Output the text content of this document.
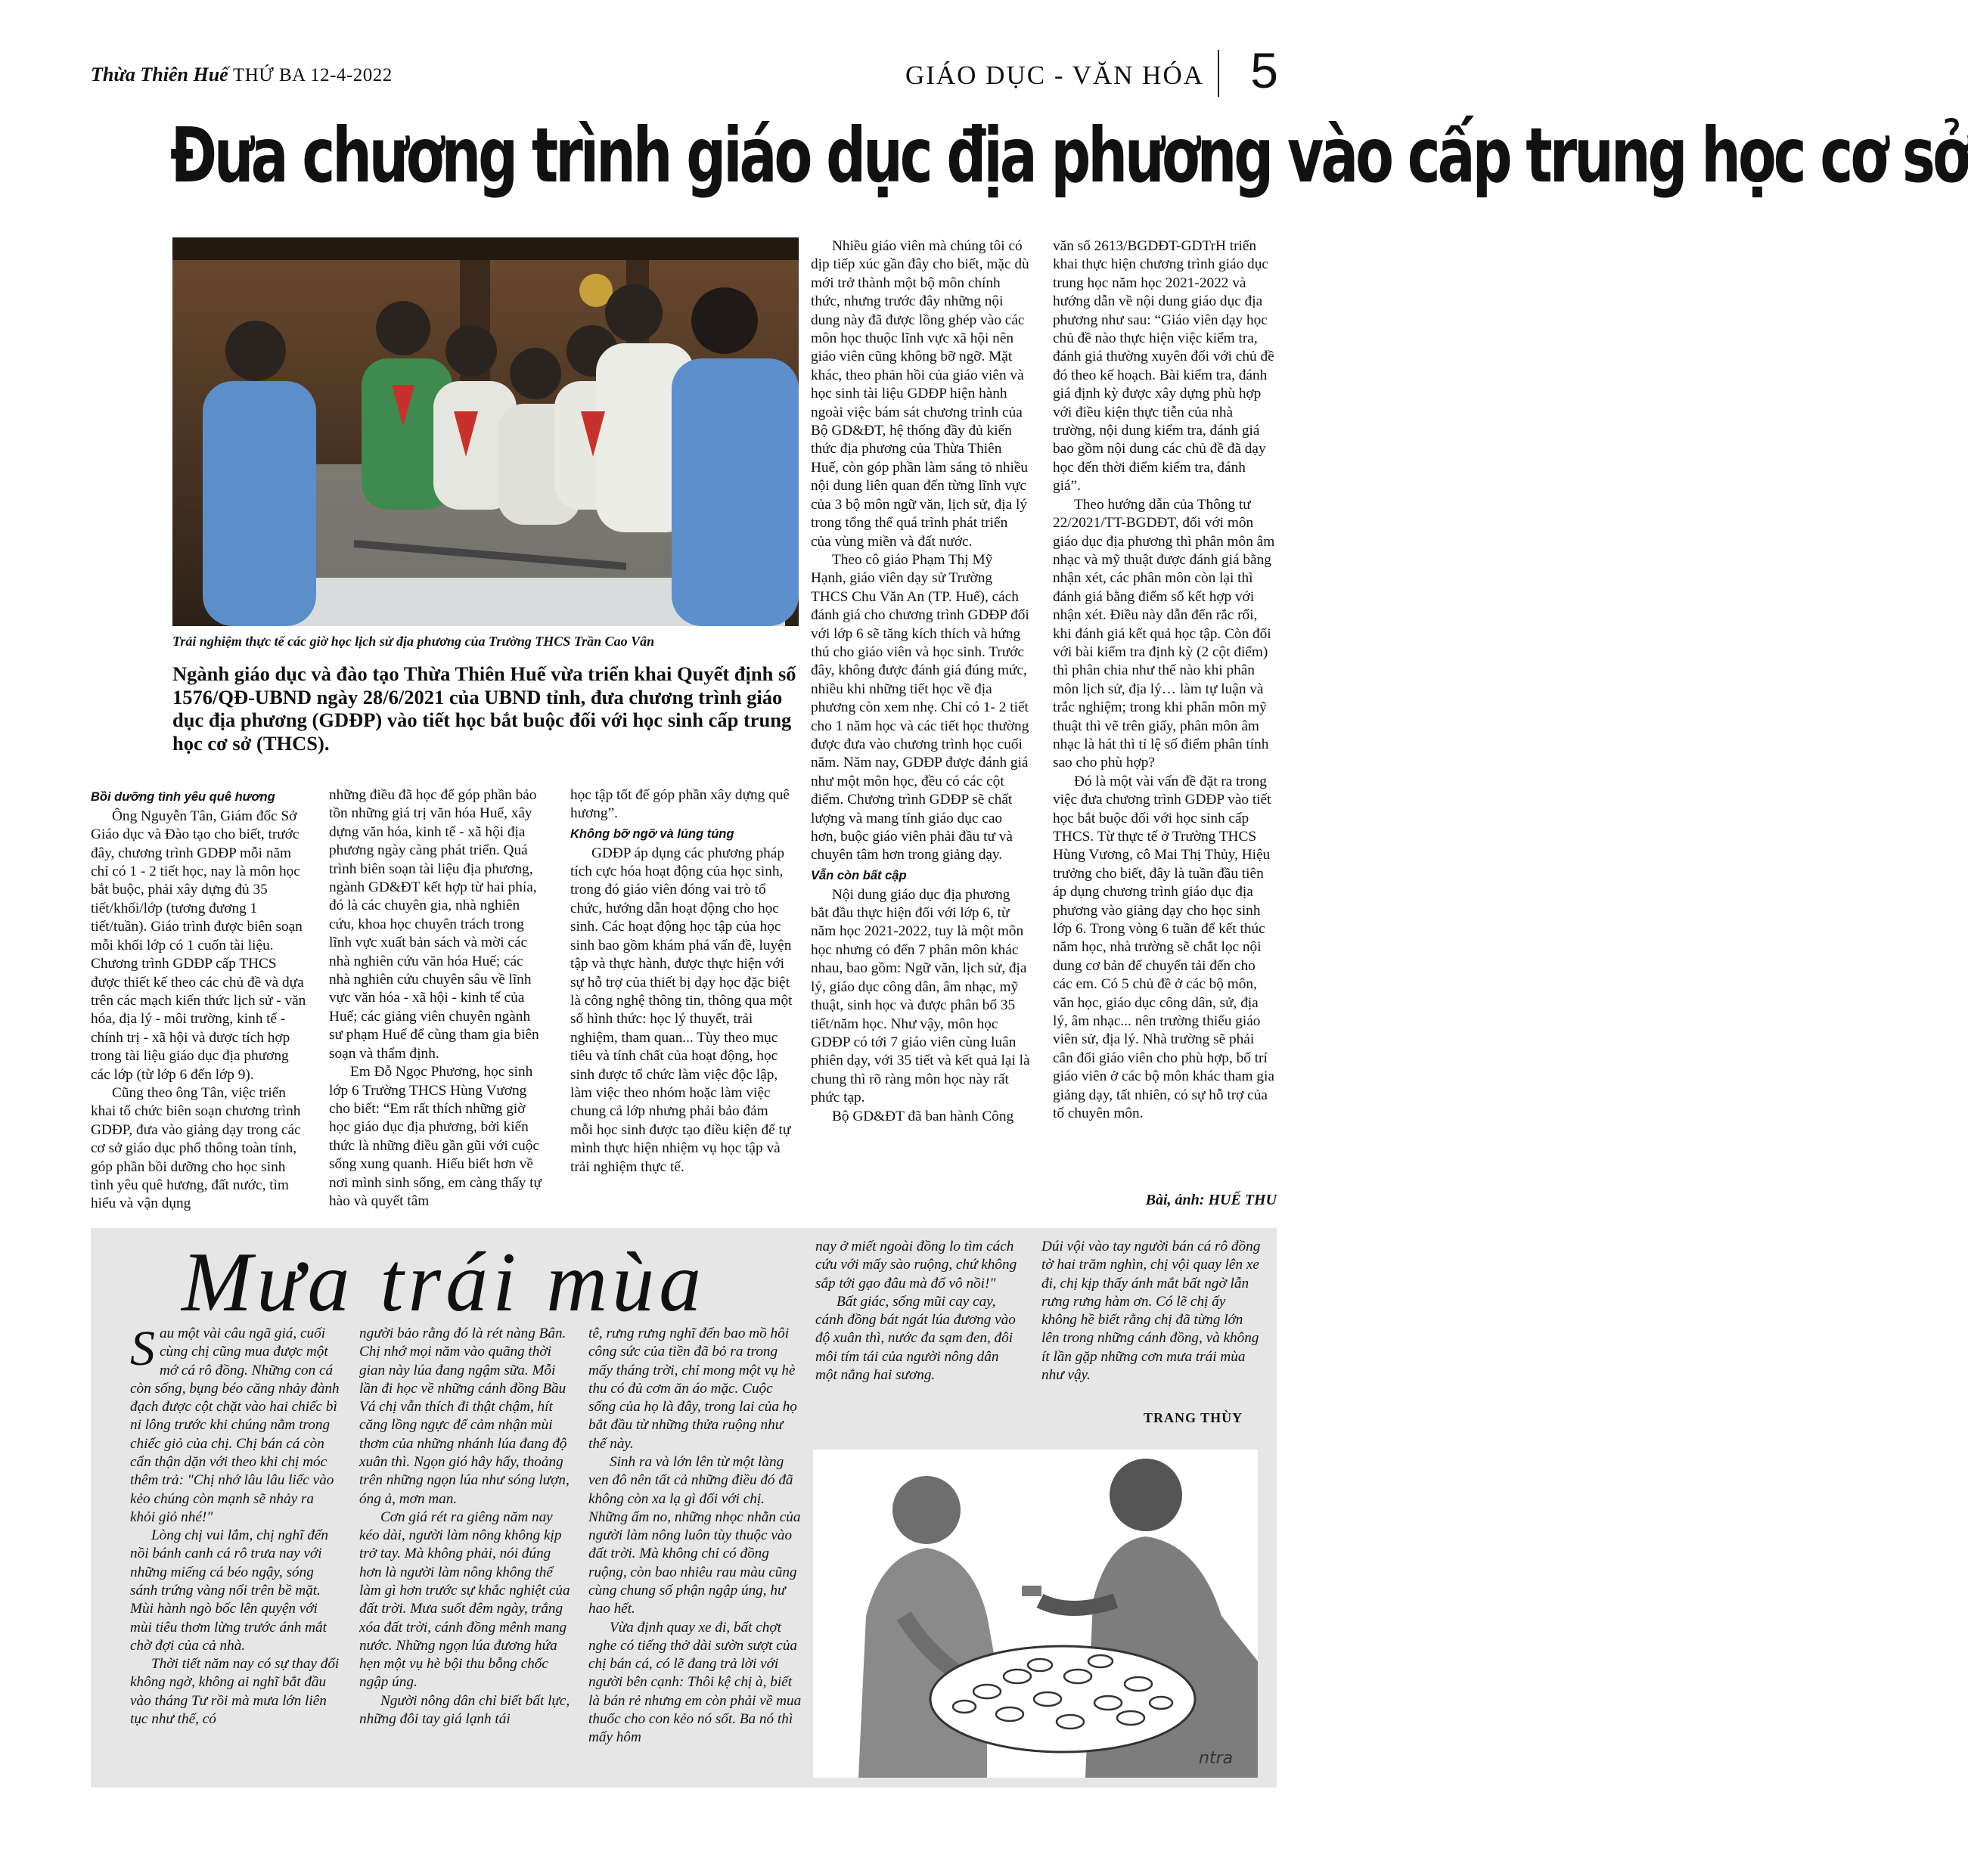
Thừa Thiên Huế THỨ BA 12-4-2022	GIÁO DỤC - VĂN HÓA 5
Đưa chương trình giáo dục địa phương vào cấp trung học cơ sở
Trải nghiệm thực tế các giờ học lịch sử địa phương của Trường THCS Trần Cao Vân

Ngành giáo dục và đào tạo Thừa Thiên Huế vừa triển khai Quyết định số 1576/QĐ-UBND ngày 28/6/2021 của UBND tỉnh, đưa chương trình giáo dục địa phương (GDĐP) vào tiết học bắt buộc đối với học sinh cấp trung học cơ sở (THCS).

Bồi dưỡng tình yêu quê hương

Ông Nguyễn Tân, Giám đốc Sở Giáo dục và Đào tạo cho biết, trước đây, chương trình GDĐP mỗi năm chỉ có 1 - 2 tiết học, nay là môn học bắt buộc, phải xây dựng đủ 35 tiết/khối/lớp (tương đương 1 tiết/tuần). Giáo trình được biên soạn mỗi khối lớp có 1 cuốn tài liệu. Chương trình GDĐP cấp THCS được thiết kế theo các chủ đề và dựa trên các mạch kiến thức lịch sử - văn hóa, địa lý - môi trường, kinh tế - chính trị - xã hội và được tích hợp trong tài liệu giáo dục địa phương các lớp (từ lớp 6 đến lớp 9).

Cũng theo ông Tân, việc triển khai tổ chức biên soạn chương trình GDĐP, đưa vào giảng dạy trong các cơ sở giáo dục phổ thông toàn tỉnh, góp phần bồi dưỡng cho học sinh tình yêu quê hương, đất nước, tìm hiểu và vận dụng

những điều đã học để góp phần bảo tồn những giá trị văn hóa Huế, xây dựng văn hóa, kinh tế - xã hội địa phương ngày càng phát triển. Quá trình biên soạn tài liệu địa phương, ngành GD&ĐT kết hợp từ hai phía, đó là các chuyên gia, nhà nghiên cứu, khoa học chuyên trách trong lĩnh vực xuất bản sách và mời các nhà nghiên cứu văn hóa Huế; các nhà nghiên cứu chuyên sâu về lĩnh vực văn hóa - xã hội - kinh tế của Huế; các giảng viên chuyên ngành sư phạm Huế để cùng tham gia biên soạn và thẩm định.

Em Đỗ Ngọc Phương, học sinh lớp 6 Trường THCS Hùng Vương cho biết: “Em rất thích những giờ học giáo dục địa phương, bởi kiến thức là những điều gần gũi với cuộc sống xung quanh. Hiểu biết hơn về nơi mình sinh sống, em càng thấy tự hào và quyết tâm

học tập tốt để góp phần xây dựng quê hương”.

Không bỡ ngỡ và lúng túng

GDĐP áp dụng các phương pháp tích cực hóa hoạt động của học sinh, trong đó giáo viên đóng vai trò tổ chức, hướng dẫn hoạt động cho học sinh. Các hoạt động học tập của học sinh bao gồm khám phá vấn đề, luyện tập và thực hành, được thực hiện với sự hỗ trợ của thiết bị dạy học đặc biệt là công nghệ thông tin, thông qua một số hình thức: học lý thuyết, trải nghiệm, tham quan... Tùy theo mục tiêu và tính chất của hoạt động, học sinh được tổ chức làm việc độc lập, làm việc theo nhóm hoặc làm việc chung cả lớp nhưng phải bảo đảm mỗi học sinh được tạo điều kiện để tự mình thực hiện nhiệm vụ học tập và trải nghiệm thực tế.

Nhiều giáo viên mà chúng tôi có dịp tiếp xúc gần đây cho biết, mặc dù mới trở thành một bộ môn chính thức, nhưng trước đây những nội dung này đã được lồng ghép vào các môn học thuộc lĩnh vực xã hội nên giáo viên cũng không bỡ ngỡ. Mặt khác, theo phản hồi của giáo viên và học sinh tài liệu GDĐP hiện hành ngoài việc bám sát chương trình của Bộ GD&ĐT, hệ thống đầy đủ kiến thức địa phương của Thừa Thiên Huế, còn góp phần làm sáng tỏ nhiều nội dung liên quan đến từng lĩnh vực của 3 bộ môn ngữ văn, lịch sử, địa lý trong tổng thể quá trình phát triển của vùng miền và đất nước.

Theo cô giáo Phạm Thị Mỹ Hạnh, giáo viên dạy sử Trường THCS Chu Văn An (TP. Huế), cách đánh giá cho chương trình GDĐP đối với lớp 6 sẽ tăng kích thích và hứng thú cho giáo viên và học sinh. Trước đây, không được đánh giá đúng mức, nhiều khi những tiết học về địa phương còn xem nhẹ. Chỉ có 1- 2 tiết cho 1 năm học và các tiết học thường được đưa vào chương trình học cuối năm. Năm nay, GDĐP được đánh giá như một môn học, đều có các cột điểm. Chương trình GDĐP sẽ chất lượng và mang tính giáo dục cao hơn, buộc giáo viên phải đầu tư và chuyên tâm hơn trong giảng dạy.

Vẫn còn bất cập

Nội dung giáo dục địa phương bắt đầu thực hiện đối với lớp 6, từ năm học 2021-2022, tuy là một môn học nhưng có đến 7 phân môn khác nhau, bao gồm: Ngữ văn, lịch sử, địa lý, giáo dục công dân, âm nhạc, mỹ thuật, sinh học và được phân bổ 35 tiết/năm học. Như vậy, môn học GDĐP có tới 7 giáo viên cùng luân phiên dạy, với 35 tiết và kết quả lại là chung thì rõ ràng môn học này rất phức tạp.

Bộ GD&ĐT đã ban hành Công

văn số 2613/BGDĐT-GDTrH triển khai thực hiện chương trình giáo dục trung học năm học 2021-2022 và hướng dẫn về nội dung giáo dục địa phương như sau: “Giáo viên dạy học chủ đề nào thực hiện việc kiểm tra, đánh giá thường xuyên đối với chủ đề đó theo kế hoạch. Bài kiểm tra, đánh giá định kỳ được xây dựng phù hợp với điều kiện thực tiễn của nhà trường, nội dung kiểm tra, đánh giá bao gồm nội dung các chủ đề đã dạy học đến thời điểm kiểm tra, đánh giá”.

Theo hướng dẫn của Thông tư 22/2021/TT-BGDĐT, đối với môn giáo dục địa phương thì phân môn âm nhạc và mỹ thuật được đánh giá bằng nhận xét, các phân môn còn lại thì đánh giá bằng điểm số kết hợp với nhận xét. Điều này dẫn đến rắc rối, khi đánh giá kết quả học tập. Còn đối với bài kiểm tra định kỳ (2 cột điểm) thì phân chia như thế nào khi phân môn lịch sử, địa lý… làm tự luận và trắc nghiệm; trong khi phân môn mỹ thuật thì vẽ trên giấy, phân môn âm nhạc là hát thì tỉ lệ số điểm phân tính sao cho phù hợp?

Đó là một vài vấn đề đặt ra trong việc đưa chương trình GDĐP vào tiết học bắt buộc đối với học sinh cấp THCS. Từ thực tế ở Trường THCS Hùng Vương, cô Mai Thị Thủy, Hiệu trưởng cho biết, đây là tuần đầu tiên áp dụng chương trình giáo dục địa phương vào giảng dạy cho học sinh lớp 6. Trong vòng 6 tuần để kết thúc năm học, nhà trường sẽ chắt lọc nội dung cơ bản để chuyển tải đến cho các em. Có 5 chủ đề ở các bộ môn, văn học, giáo dục công dân, sử, địa lý, âm nhạc... nên trường thiếu giáo viên sử, địa lý. Nhà trường sẽ phải cân đối giáo viên cho phù hợp, bố trí giáo viên ở các bộ môn khác tham gia giảng dạy, tất nhiên, có sự hỗ trợ của tổ chuyên môn.

Bài, ảnh: HUẾ THU
Mưa trái mùa

Sau một vài câu ngã giá, cuối cùng chị cũng mua được một mớ cá rô đồng. Những con cá còn sống, bụng béo căng nhảy đành đạch được cột chặt vào hai chiếc bì ni lông trước khi chúng nằm trong chiếc giỏ của chị. Chị bán cá còn cẩn thận dặn với theo khi chị móc thêm trả: "Chị nhớ lâu lâu liếc vào kẻo chúng còn mạnh sẽ nhảy ra khỏi giỏ nhé!"

Lòng chị vui lắm, chị nghĩ đến nồi bánh canh cá rô trưa nay với những miếng cá béo ngậy, sóng sánh trứng vàng nổi trên bề mặt. Mùi hành ngò bốc lên quyện với mùi tiêu thơm lừng trước ánh mắt chờ đợi của cả nhà.

Thời tiết năm nay có sự thay đổi không ngờ, không ai nghĩ bắt đầu vào tháng Tư rồi mà mưa lớn liên tục như thế, có

người bảo rằng đó là rét nàng Bân. Chị nhớ mọi năm vào quãng thời gian này lúa đang ngậm sữa. Mỗi lần đi học về những cánh đồng Bầu Vá chị vẫn thích đi thật chậm, hít căng lồng ngực để cảm nhận mùi thơm của những nhánh lúa đang độ xuân thì. Ngọn gió hây hẩy, thoảng trên những ngọn lúa như sóng lượn, óng ả, mơn man.

Cơn giá rét ra giêng năm nay kéo dài, người làm nông không kịp trở tay. Mà không phải, nói đúng hơn là người làm nông không thể làm gì hơn trước sự khắc nghiệt của đất trời. Mưa suốt đêm ngày, trắng xóa đất trời, cánh đồng mênh mang nước. Những ngọn lúa đương hứa hẹn một vụ hè bội thu bỗng chốc ngập úng.

Người nông dân chỉ biết bất lực, những đôi tay giá lạnh tái

tê, rưng rưng nghĩ đến bao mồ hôi công sức của tiền đã bỏ ra trong mấy tháng trời, chỉ mong một vụ hè thu có đủ cơm ăn áo mặc. Cuộc sống của họ là đây, trong lai của họ bắt đầu từ những thửa ruộng như thế này.

Sinh ra và lớn lên từ một làng ven đô nên tất cả những điều đó đã không còn xa lạ gì đối với chị. Những ấm no, những nhọc nhằn của người làm nông luôn tùy thuộc vào đất trời. Mà không chỉ có đồng ruộng, còn bao nhiêu rau màu cũng cùng chung số phận ngập úng, hư hao hết.

Vừa định quay xe đi, bất chợt nghe có tiếng thở dài sườn sượt của chị bán cá, có lẽ đang trả lời với người bên cạnh: Thôi kệ chị à, biết là bán rẻ nhưng em còn phải về mua thuốc cho con kẻo nó sốt. Ba nó thì mấy hôm

nay ở miết ngoài đồng lo tìm cách cứu với mấy sào ruộng, chứ không sắp tới gạo đâu mà đổ vô nồi!"

Bất giác, sống mũi cay cay, cánh đồng bát ngát lúa đương vào độ xuân thì, nước đa sạm đen, đôi môi tím tái của người nông dân một nắng hai sương.

Dúi vội vào tay người bán cá rô đồng tờ hai trăm nghìn, chị vội quay lên xe đi, chị kịp thấy ánh mắt bất ngờ lẫn rưng rưng hàm ơn. Có lẽ chị ấy không hề biết rằng chị đã từng lớn lên trong những cánh đồng, và không ít lần gặp những cơn mưa trái mùa như vậy.

TRANG THÙY
ntra
